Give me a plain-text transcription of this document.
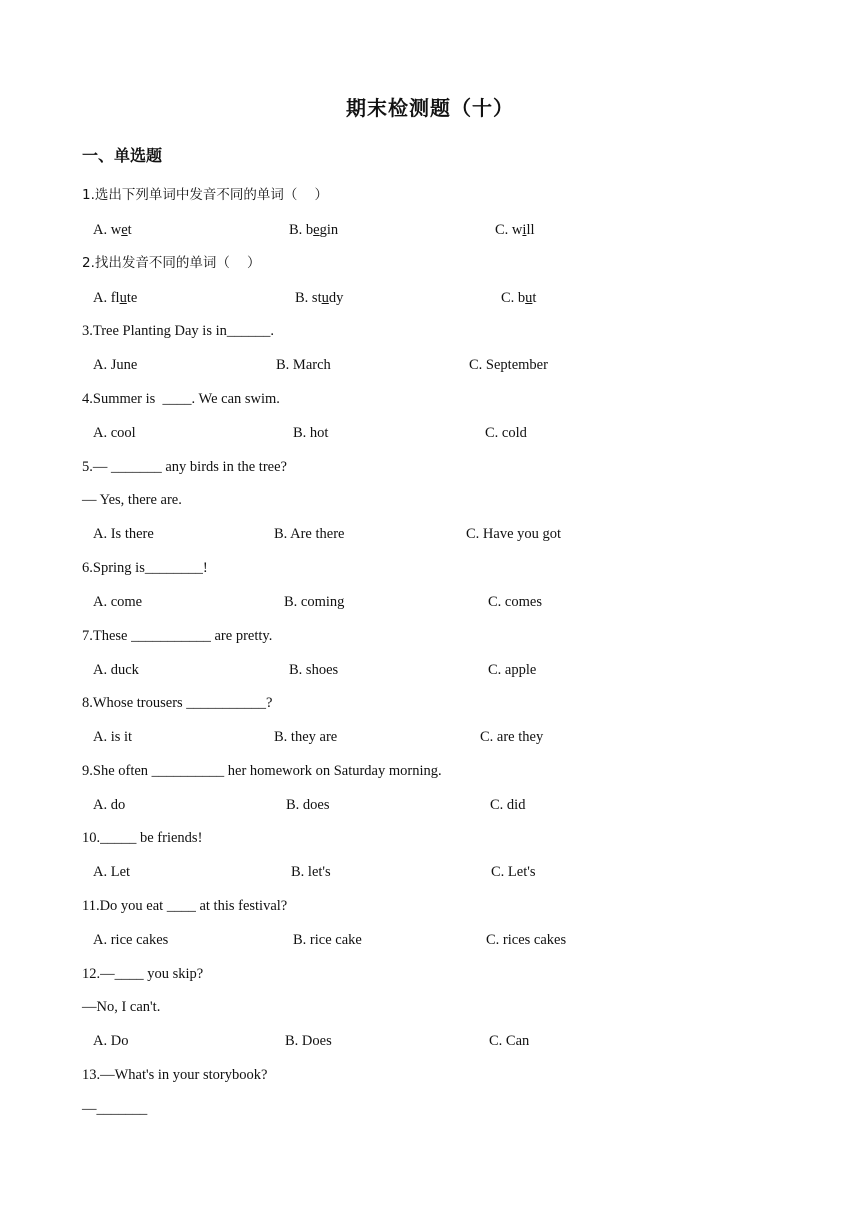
期末检测题（十）
一、单选题
1.选出下列单词中发音不同的单词（    ）
A. wet	B. begin	C. will
2.找出发音不同的单词（    ）
A. flute	B. study	C. but
3.Tree Planting Day is in______.
A. June	B. March	C. September
4.Summer is  ____. We can swim.
A. cool	B. hot	C. cold
5.— _______ any birds in the tree?
— Yes, there are.
A. Is there	B. Are there	C. Have you got
6.Spring is________!
A. come	B. coming	C. comes
7.These ___________ are pretty.
A. duck	B. shoes	C. apple
8.Whose trousers ___________?
A. is it	B. they are	C. are they
9.She often __________ her homework on Saturday morning.
A. do	B. does	C. did
10._____ be friends!
A. Let	B. let's	C. Let's
11.Do you eat ____ at this festival?
A. rice cakes	B. rice cake	C. rices cakes
12.—____ you skip?
—No, I can't.
A. Do	B. Does	C. Can
13.—What's in your storybook?
—_______
